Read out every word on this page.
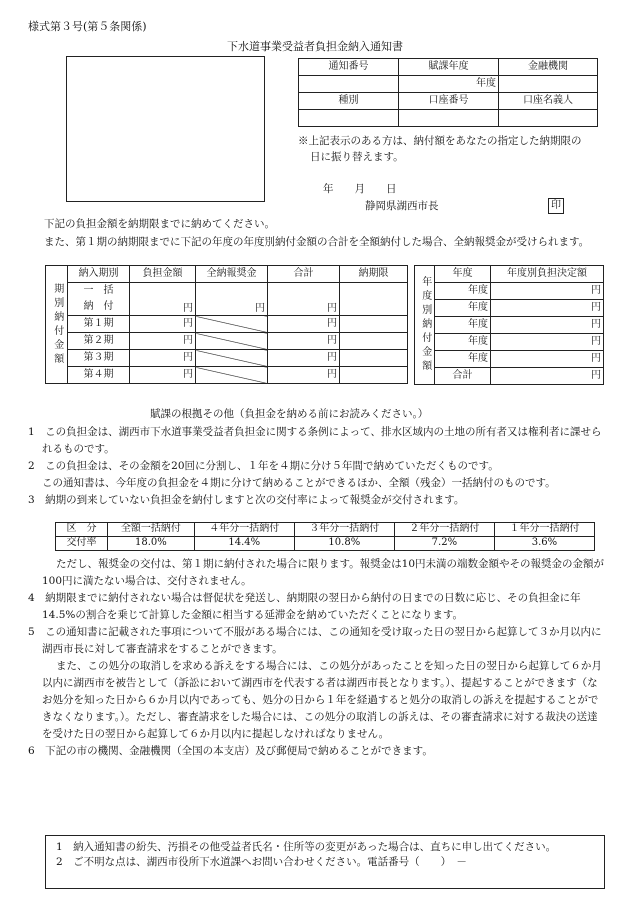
様式第３号(第５条関係)
下水道事業受益者負担金納入通知書
通知番号	賦課年度	金融機関
	年度	
種別	口座番号	口座名義人

※上記表示のある方は、納付額をあなたの指定した納期限の日に振り替えます。
年　　月　　日
静岡県湖西市長	印
下記の負担金額を納期限までに納めてください。
また、第１期の納期限までに下記の年度の年度別納付金額の合計を全額納付した場合、全納報奨金が受けられます。
期別納付金額	納入期別	負担金額	全納報奨金	合計	納期限
	一　括
納　付	円	円	円	
	第１期	円		円	
	第２期	円		円	
	第３期	円		円	
	第４期	円		円	
年度別納付金額	年度	年度別負担決定額
	年度	円
	年度	円
	年度	円
	年度	円
	年度	円
	合計	円
賦課の根拠その他（負担金を納める前にお読みください。）
1　この負担金は、湖西市下水道事業受益者負担金に関する条例によって、排水区域内の土地の所有者又は権利者に課せられるものです。
2　この負担金は、その金額を20回に分割し、１年を４期に分け５年間で納めていただくものです。
この通知書は、今年度の負担金を４期に分けて納めることができるほか、全額（残金）一括納付のものです。
3　納期の到来していない負担金を納付しますと次の交付率によって報奨金が交付されます。
区　分	全額一括納付	４年分一括納付	３年分一括納付	２年分一括納付	１年分一括納付
交付率	18.0%	14.4%	10.8%	7.2%	3.6%
ただし、報奨金の交付は、第１期に納付された場合に限ります。報奨金は10円未満の端数金額やその報奨金の金額が100円に満たない場合は、交付されません。
4　納期限までに納付されない場合は督促状を発送し、納期限の翌日から納付の日までの日数に応じ、その負担金に年14.5%の割合を乗じて計算した金額に相当する延滞金を納めていただくことになります。
5　この通知書に記載された事項について不服がある場合には、この通知を受け取った日の翌日から起算して３か月以内に湖西市長に対して審査請求をすることができます。
また、この処分の取消しを求める訴えをする場合には、この処分があったことを知った日の翌日から起算して６か月以内に湖西市を被告として（訴訟において湖西市を代表する者は湖西市長となります。）、提起することができます（なお処分を知った日から６か月以内であっても、処分の日から１年を経過すると処分の取消しの訴えを提起することができなくなります。）。ただし、審査請求をした場合には、この処分の取消しの訴えは、その審査請求に対する裁決の送達を受けた日の翌日から起算して６か月以内に提起しなければなりません。
6　下記の市の機関、金融機関（全国の本支店）及び郵便局で納めることができます。
1　納入通知書の紛失、汚損その他受益者氏名・住所等の変更があった場合は、直ちに申し出てください。
2　ご不明な点は、湖西市役所下水道課へお問い合わせください。電話番号（　　）　－
